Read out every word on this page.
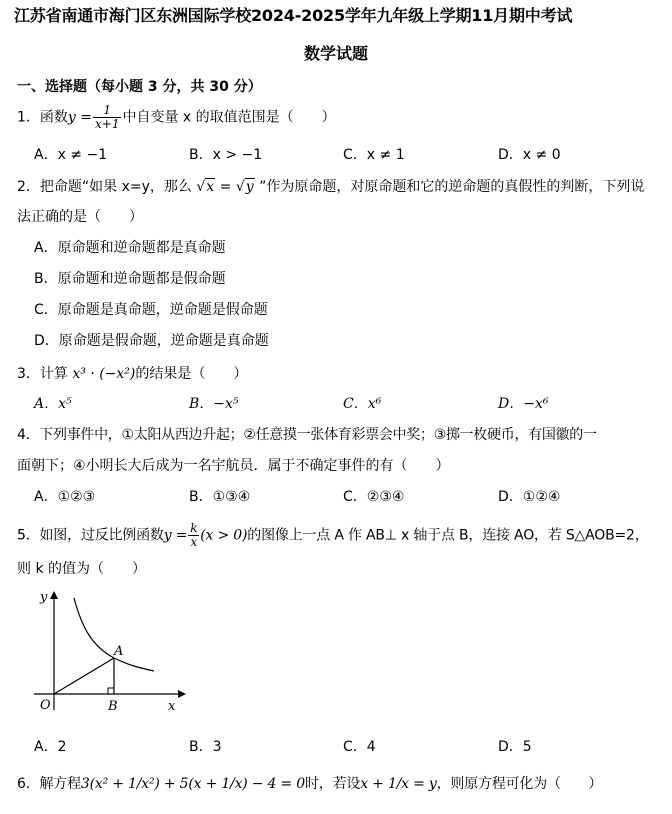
江苏省南通市海门区东洲国际学校2024-2025学年九年级上学期11月期中考试
数学试题
一、选择题（每小题 3 分，共 30 分）
1．函数$y = \frac{1}{x+1}$ 中自变量 x 的取值范围是（　　）
A．x ≠ −1	B．x > −1	C．x ≠ 1	D．x ≠ 0
2．把命题“如果 x=y，那么 √x = √y ”作为原命题，对原命题和它的逆命题的真假性的判断，下列说
法正确的是（　　）
A．原命题和逆命题都是真命题
B．原命题和逆命题都是假命题
C．原命题是真命题，逆命题是假命题
D．原命题是假命题，逆命题是真命题
3．计算 x³ · (−x²)的结果是（　　）
A．x⁵	B．−x⁵	C．x⁶	D．−x⁶
4．下列事件中，①太阳从西边升起；②任意摸一张体育彩票会中奖；③掷一枚硬币，有国徽的一
面朝下；④小明长大后成为一名宇航员．属于不确定事件的有（　　）
A．①②③	B．①③④	C．②③④	D．①②④
5．如图，过反比例函数$y = \frac{k}{x} (x > 0)$的图像上一点 A 作 AB⊥ x 轴于点 B，连接 AO，若 S△AOB=2，
则 k 的值为（　　）
y
x
O
A
B
A．2	B．3	C．4	D．5
6．解方程3(x² + 1/x²) + 5(x + 1/x) − 4 = 0时，若设x + 1/x = y，则原方程可化为（　　）
